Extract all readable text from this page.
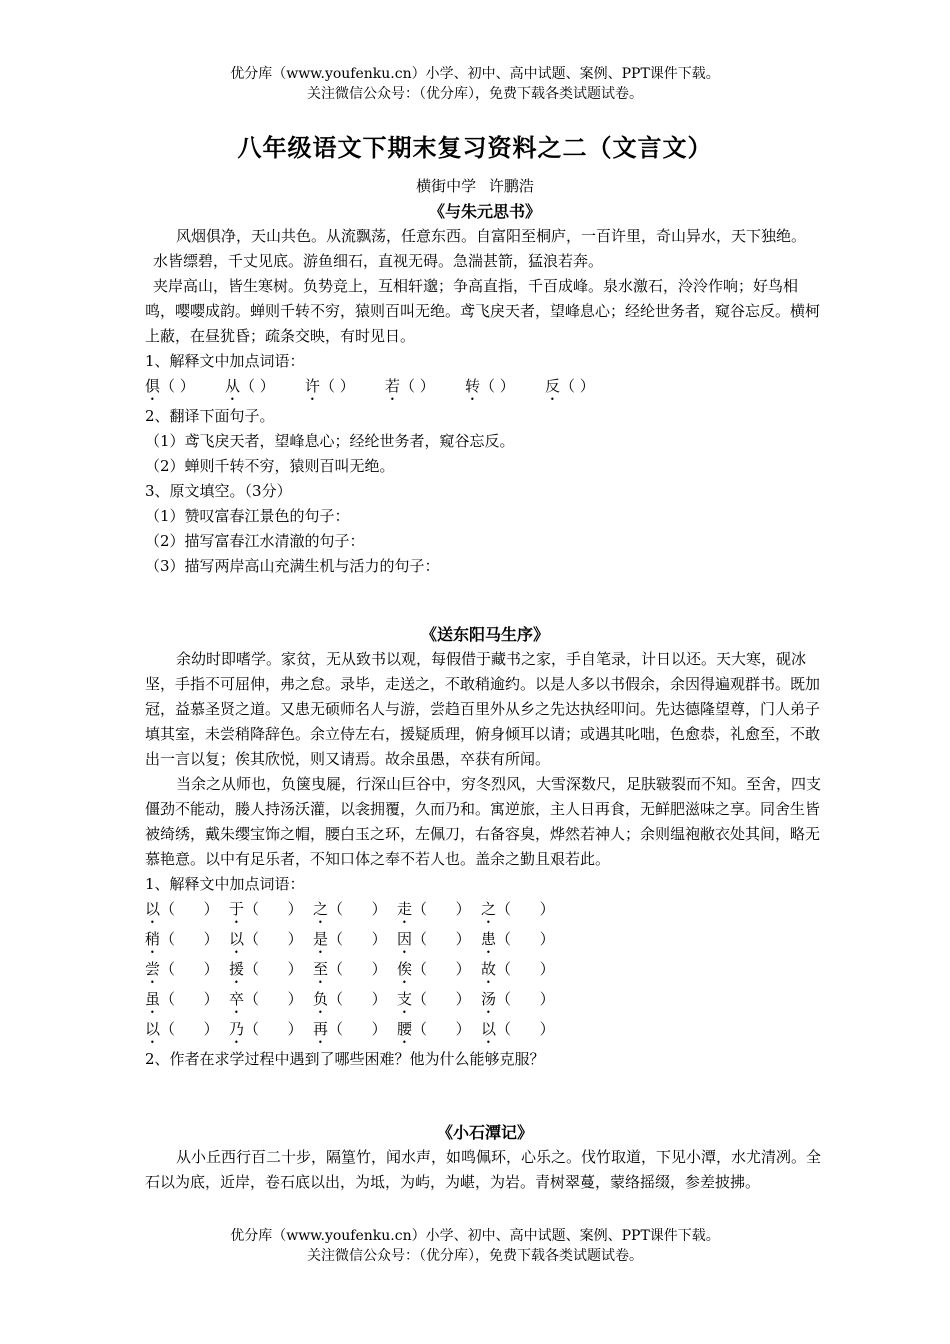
优分库（www.youfenku.cn）小学、初中、高中试题、案例、PPT课件下载。
关注微信公众号：（优分库），免费下载各类试题试卷。
八年级语文下期末复习资料之二（文言文）
横街中学 许鹏浩
《与朱元思书》

风烟俱净，天山共色。从流飘荡，任意东西。自富阳至桐庐，一百许里，奇山异水，天下独绝。

水皆缥碧，千丈见底。游鱼细石，直视无碍。急湍甚箭，猛浪若奔。

夹岸高山，皆生寒树。负势竞上，互相轩邈；争高直指，千百成峰。泉水激石，泠泠作响；好鸟相鸣，嘤嘤成韵。蝉则千转不穷，猿则百叫无绝。鸢飞戾天者，望峰息心；经纶世务者，窥谷忘反。横柯上蔽，在昼犹昏；疏条交映，有时见日。

1、解释文中加点词语：

俱（ ） 从（ ） 许（ ） 若（ ） 转（ ） 反（ ）

2、翻译下面句子。

（1）鸢飞戾天者，望峰息心；经纶世务者，窥谷忘反。

（2）蝉则千转不穷，猿则百叫无绝。

3、原文填空。（3分）

（1）赞叹富春江景色的句子：

（2）描写富春江水清澈的句子：

（3）描写两岸高山充满生机与活力的句子：

《送东阳马生序》

余幼时即嗜学。家贫，无从致书以观，每假借于藏书之家，手自笔录，计日以还。天大寒，砚冰坚，手指不可屈伸，弗之怠。录毕，走送之，不敢稍逾约。以是人多以书假余，余因得遍观群书。既加冠，益慕圣贤之道。又患无硕师名人与游，尝趋百里外从乡之先达执经叩问。先达德隆望尊，门人弟子填其室，未尝稍降辞色。余立侍左右，援疑质理，俯身倾耳以请；或遇其叱咄，色愈恭，礼愈至，不敢出一言以复；俟其欣悦，则又请焉。故余虽愚，卒获有所闻。

当余之从师也，负箧曳屣，行深山巨谷中，穷冬烈风，大雪深数尺，足肤皲裂而不知。至舍，四支僵劲不能动，媵人持汤沃灌，以衾拥覆，久而乃和。寓逆旅，主人日再食，无鲜肥滋味之享。同舍生皆被绮绣，戴朱缨宝饰之帽，腰白玉之环，左佩刀，右备容臭，烨然若神人；余则缊袍敝衣处其间，略无慕艳意。以中有足乐者，不知口体之奉不若人也。盖余之勤且艰若此。

1、解释文中加点词语：

以（      ） 于（      ） 之（      ） 走（      ） 之（      ）
稍（      ） 以（      ） 是（      ） 因（      ） 患（      ）
尝（      ） 援（      ） 至（      ） 俟（      ） 故（      ）
虽（      ） 卒（      ） 负（      ） 支（      ） 汤（      ）
以（      ） 乃（      ） 再（      ） 腰（      ） 以（      ）

2、作者在求学过程中遇到了哪些困难？他为什么能够克服？

《小石潭记》

从小丘西行百二十步，隔篁竹，闻水声，如鸣佩环，心乐之。伐竹取道，下见小潭，水尤清冽。全石以为底，近岸，卷石底以出，为坻，为屿，为嵁，为岩。青树翠蔓，蒙络摇缀，参差披拂。

优分库（www.youfenku.cn）小学、初中、高中试题、案例、PPT课件下载。
关注微信公众号：（优分库），免费下载各类试题试卷。
